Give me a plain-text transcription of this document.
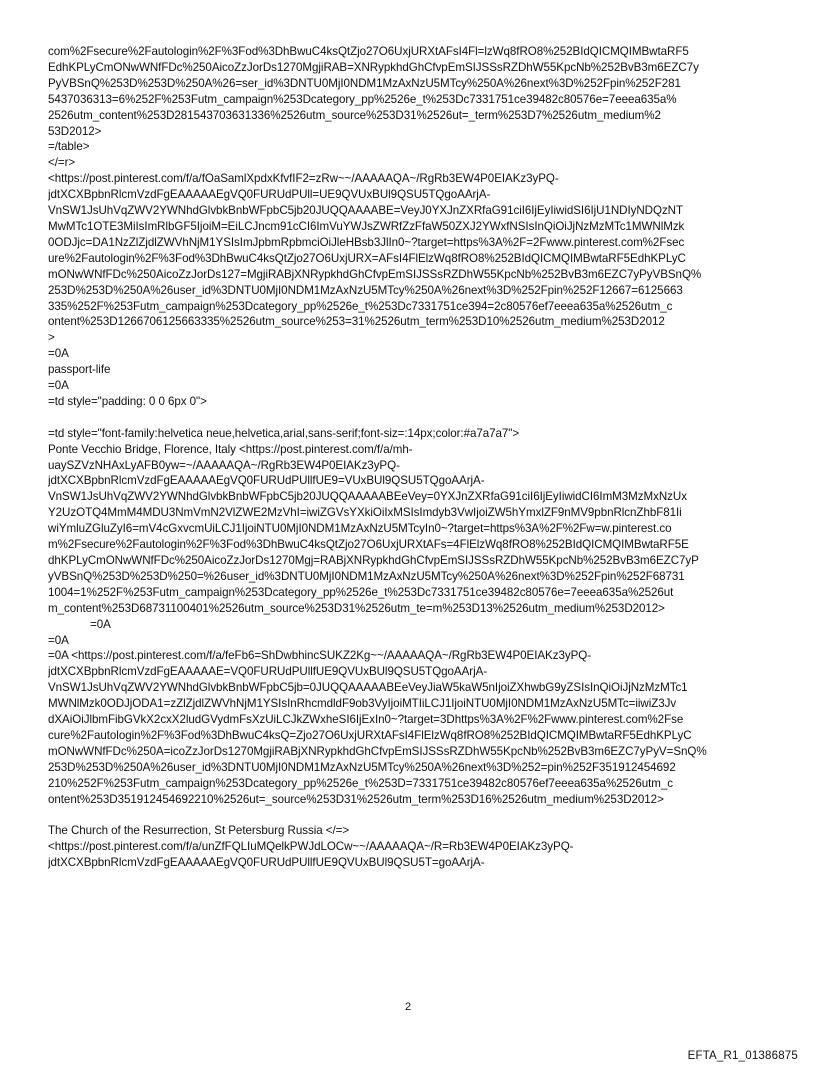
com%2Fsecure%2Fautologin%2F%3Fod%3DhBwuC4ksQtZjo27O6UxjURXtAFsI4Fl=lzWq8fRO8%252BIdQICMQIMBwtaRF5
EdhKPLyCmONwWNfFDc%250AicoZzJorDs1270MgjiRAB=XNRypkhdGhCfvpEmSIJSSsRZDhW55KpcNb%252BvB3m6EZC7y
PyVBSnQ%253D%253D%250A%26=ser_id%3DNTU0MjI0NDM1MzAxNzU5MTcy%250A%26next%3D%252Fpin%252F281
5437036313=6%252F%253Futm_campaign%253Dcategory_pp%2526e_t%253Dc7331751ce39482c80576e=7eeea635a%
2526utm_content%253D281543703631336%2526utm_source%253D31%2526ut=_term%253D7%2526utm_medium%2
53D2012>
=/table>
</=r>
<https://post.pinterest.com/f/a/fOaSamlXpdxKfvfIF2=zRw~~/AAAAAQA~/RgRb3EW4P0EIAKz3yPQ-
jdtXCXBpbnRlcmVzdFgEAAAAAEgVQ0FURUdPUll=UE9QVUxBUl9QSU5TQgoAArjA-
VnSW1JsUhVqZWV2YWNhdGlvbkBnbWFpbC5jb20JUQQAAAABE=VeyJ0YXJnZXRfaG91ciI6IjEyIiwidSI6IjU1NDIyNDQzNT
MwMTc1OTE3MiIsImRlbGF5IjoiM=EiLCJncm91cCI6ImVuYWJsZWRfZzFfaW50ZXJ2YWxfNSIsInQiOiJjNzMzMTc1MWNlMzk
0ODJjc=DA1NzZlZjdlZWVhNjM1YSIsImJpbmRpbmciOiJleHBsb3JlIn0~?target=https%3A%2F=2Fwww.pinterest.com%2Fsec
ure%2Fautologin%2F%3Fod%3DhBwuC4ksQtZjo27O6UxjURX=AFsI4FlElzWq8fRO8%252BIdQICMQIMBwtaRF5EdhKPLyC
mONwWNfFDc%250AicoZzJorDs127=MgjiRABjXNRypkhdGhCfvpEmSIJSSsRZDhW55KpcNb%252BvB3m6EZC7yPyVBSnQ%
253D%253D%250A%26user_id%3DNTU0MjI0NDM1MzAxNzU5MTcy%250A%26next%3D%252Fpin%252F12667=6125663
335%252F%253Futm_campaign%253Dcategory_pp%2526e_t%253Dc7331751ce394=2c80576ef7eeea635a%2526utm_c
ontent%253D1266706125663335%2526utm_source%253=31%2526utm_term%253D10%2526utm_medium%253D2012
>
=0A
passport-life
=0A
=td style="padding: 0 0 6px 0">
=td style="font-family:helvetica neue,helvetica,arial,sans-serif;font-siz=:14px;color:#a7a7a7">
Ponte Vecchio Bridge, Florence, Italy <https://post.pinterest.com/f/a/mh-
uaySZVzNHAxLyAFB0yw=~/AAAAAQA~/RgRb3EW4P0EIAKz3yPQ-
jdtXCXBpbnRlcmVzdFgEAAAAAEgVQ0FURUdPUllfUE9=VUxBUl9QSU5TQgoAArjA-
VnSW1JsUhVqZWV2YWNhdGlvbkBnbWFpbC5jb20JUQQAAAAABEeVey=0YXJnZXRfaG91ciI6IjEyIiwidCI6ImM3MzMxNzUx
Y2UzOTQ4MmM4MDU3NmVmN2VlZWE2MzVhI=iwiZGVsYXkiOiIxMSIsImdyb3VwIjoiZW5hYmxlZF9nMV9pbnRlcnZhbF81Ii
wiYmluZGluZyI6=mV4cGxvcmUiLCJ1IjoiNTU0MjI0NDM1MzAxNzU5MTcyIn0~?target=https%3A%2F%2Fw=w.pinterest.co
m%2Fsecure%2Fautologin%2F%3Fod%3DhBwuC4ksQtZjo27O6UxjURXtAFs=4FlElzWq8fRO8%252BIdQICMQIMBwtaRF5E
dhKPLyCmONwWNfFDc%250AicoZzJorDs1270Mgj=RABjXNRypkhdGhCfvpEmSIJSSsRZDhW55KpcNb%252BvB3m6EZC7yP
yVBSnQ%253D%253D%250=%26user_id%3DNTU0MjI0NDM1MzAxNzU5MTcy%250A%26next%3D%252Fpin%252F68731
1004=1%252F%253Futm_campaign%253Dcategory_pp%2526e_t%253Dc7331751ce39482c80576e=7eeea635a%2526ut
m_content%253D68731100401%2526utm_source%253D31%2526utm_te=m%253D13%2526utm_medium%253D2012>
=0A
=0A
=0A <https://post.pinterest.com/f/a/feFb6=ShDwbhincSUKZ2Kg~~/AAAAAQA~/RgRb3EW4P0EIAKz3yPQ-
jdtXCXBpbnRlcmVzdFgEAAAAAE=VQ0FURUdPUllfUE9QVUxBUl9QSU5TQgoAArjA-
VnSW1JsUhVqZWV2YWNhdGlvbkBnbWFpbC5jb=0JUQQAAAAABEeVeyJiaW5kaW5nIjoiZXhwbG9yZSIsInQiOiJjNzMzMTc1
MWNlMzk0ODJjODA1=zZlZjdlZWVhNjM1YSIsInRhcmdldF9ob3VyIjoiMTIiLCJ1IjoiNTU0MjI0NDM1MzAxNzU5MTc=iiwiZ3Jv
dXAiOiJlbmFibGVkX2cxX2ludGVydmFsXzUiLCJkZWxheSI6IjExIn0~?target=3Dhttps%3A%2F%2Fwww.pinterest.com%2Fse
cure%2Fautologin%2F%3Fod%3DhBwuC4ksQ=Zjo27O6UxjURXtAFsI4FlElzWq8fRO8%252BIdQICMQIMBwtaRF5EdhKPLyC
mONwWNfFDc%250A=icoZzJorDs1270MgjiRABjXNRypkhdGhCfvpEmSIJSSsRZDhW55KpcNb%252BvB3m6EZC7yPyV=SnQ%
253D%253D%250A%26user_id%3DNTU0MjI0NDM1MzAxNzU5MTcy%250A%26next%3D%252=pin%252F351912454692
210%252F%253Futm_campaign%253Dcategory_pp%2526e_t%253D=7331751ce39482c80576ef7eeea635a%2526utm_c
ontent%253D351912454692210%2526ut=_source%253D31%2526utm_term%253D16%2526utm_medium%253D2012>
The Church of the Resurrection, St Petersburg Russia </=>
<https://post.pinterest.com/f/a/unZfFQLIuMQelkPWJdLOCw~~/AAAAAQA~/R=Rb3EW4P0EIAKz3yPQ-
jdtXCXBpbnRlcmVzdFgEAAAAAEgVQ0FURUdPUllfUE9QVUxBUl9QSU5T=goAArjA-
2
EFTA_R1_01386875
